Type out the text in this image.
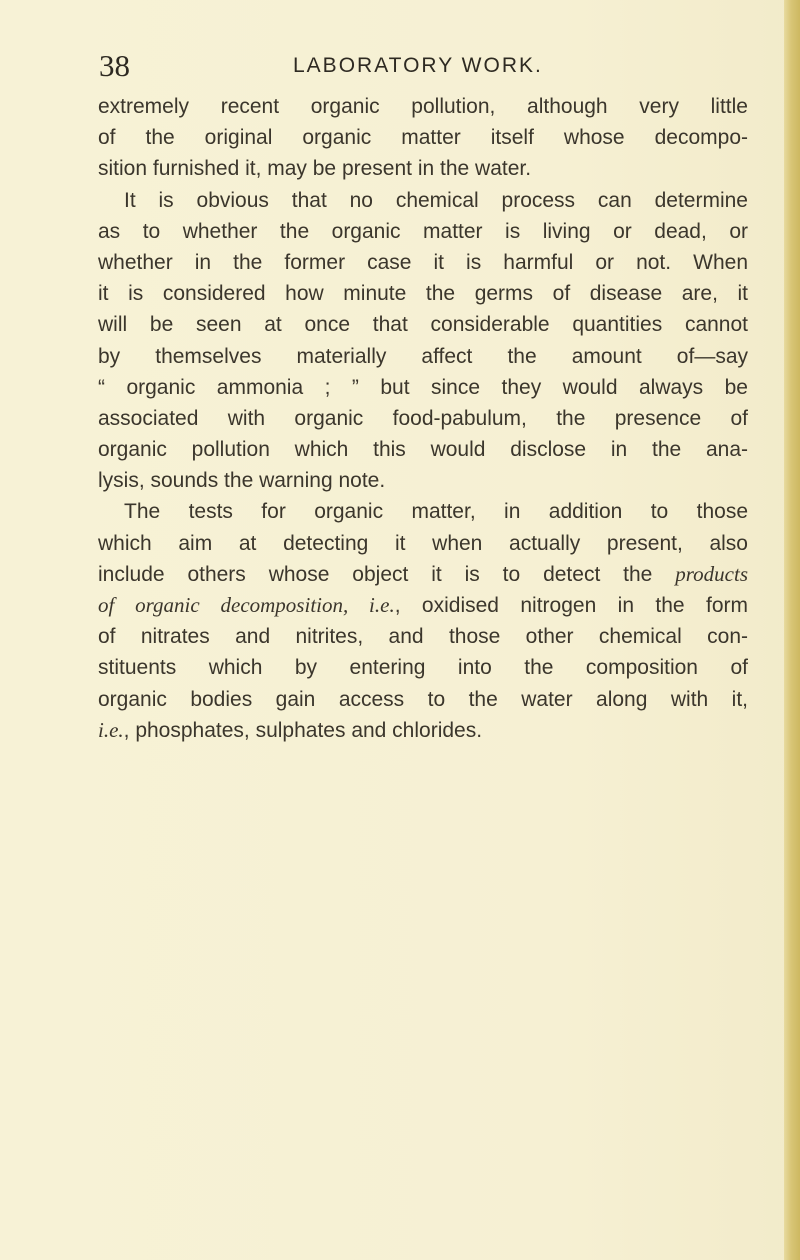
38	LABORATORY WORK.
extremely recent organic pollution, although very little
of the original organic matter itself whose decompo-
sition furnished it, may be present in the water.
It is obvious that no chemical process can determine
as to whether the organic matter is living or dead, or
whether in the former case it is harmful or not. When
it is considered how minute the germs of disease are, it
will be seen at once that considerable quantities cannot
by themselves materially affect the amount of—say
“ organic ammonia ; ” but since they would always be
associated with organic food-pabulum, the presence of
organic pollution which this would disclose in the ana-
lysis, sounds the warning note.
The tests for organic matter, in addition to those
which aim at detecting it when actually present, also
include others whose object it is to detect the products
of organic decomposition, i.e., oxidised nitrogen in the form
of nitrates and nitrites, and those other chemical con-
stituents which by entering into the composition of
organic bodies gain access to the water along with it,
i.e., phosphates, sulphates and chlorides.
